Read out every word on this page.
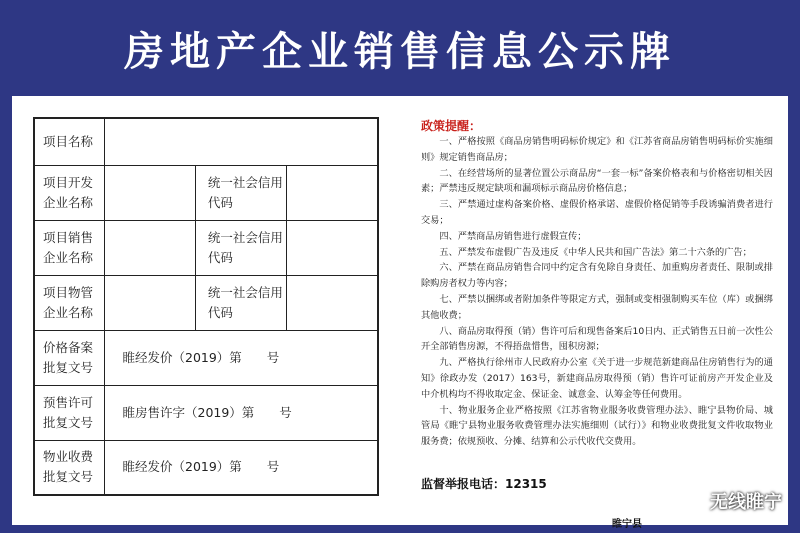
房地产企业销售信息公示牌
项目名称			
项目开发企业名称		统一社会信用代码	
项目销售企业名称		统一社会信用代码	
项目物管企业名称		统一社会信用代码	
价格备案批复文号	睢经发价（2019）第　　号		
预售许可批复文号	睢房售许字（2019）第　　号		
物业收费批复文号	睢经发价（2019）第　　号		
政策提醒：

一、严格按照《商品房销售明码标价规定》和《江苏省商品房销售明码标价实施细则》规定销售商品房；

二、在经营场所的显著位置公示商品房“一套一标”备案价格表和与价格密切相关因素；严禁违反规定缺项和漏项标示商品房价格信息；

三、严禁通过虚构备案价格、虚假价格承诺、虚假价格促销等手段诱骗消费者进行交易；

四、严禁商品房销售进行虚假宣传；

五、严禁发布虚假广告及违反《中华人民共和国广告法》第二十六条的广告；

六、严禁在商品房销售合同中约定含有免除自身责任、加重购房者责任、限制或排除购房者权力等内容；

七、严禁以捆绑或者附加条件等限定方式，强制或变相强制购买车位（库）或捆绑其他收费；

八、商品房取得预（销）售许可后和现售备案后10日内、正式销售五日前一次性公开全部销售房源，不得捂盘惜售，囤积房源；

九、严格执行徐州市人民政府办公室《关于进一步规范新建商品住房销售行为的通知》徐政办发（2017）163号，新建商品房取得预（销）售许可证前房产开发企业及中介机构均不得收取定金、保证金、诚意金、认筹金等任何费用。

十、物业服务企业严格按照《江苏省物业服务收费管理办法》、睢宁县物价局、城管局《睢宁县物业服务收费管理办法实施细则（试行）》和物业收费批复文件收取物业服务费；依规预收、分摊、结算和公示代收代交费用。

监督举报电话：12315
睢宁县
无线睢宁
